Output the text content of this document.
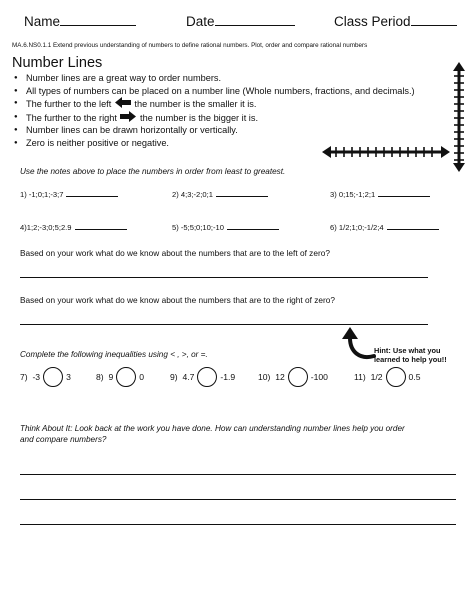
Name	Date	Class Period
MA.6.NS0.1.1 Extend previous understanding of numbers to define rational numbers. Plot, order and compare rational numbers
Number Lines
● Number lines are a great way to order numbers.
● All types of numbers can be placed on a number line (Whole numbers, fractions, and decimals.)
● The further to the left	the number is the smaller it is.
● The further to the right	the number is the bigger it is.
● Number lines can be drawn horizontally or vertically.
● Zero is neither positive or negative.
Use the notes above to place the numbers in order from least to greatest.
1) -1;0;1;-3;7	2) 4;3;-2;0;1	3) 0;15;-1;2;1
4)1;2;-3;0;5;2.9	5) -5;5;0;10;-10	6) 1/2;1;0;-1/2;4
Based on your work what do we know about the numbers that are to the left of zero?
Based on your work what do we know about the numbers that are to the right of zero?
Complete the following inequalities using < , >, or =.	Hint: Use what you
learned to help you!!
7) -3	3	8) 9	0	9) 4.7	-1.9	10) 12	-100	11) 1/2	0.5
Think About It: Look back at the work you have done. How can understanding number lines help you order
and compare numbers?
